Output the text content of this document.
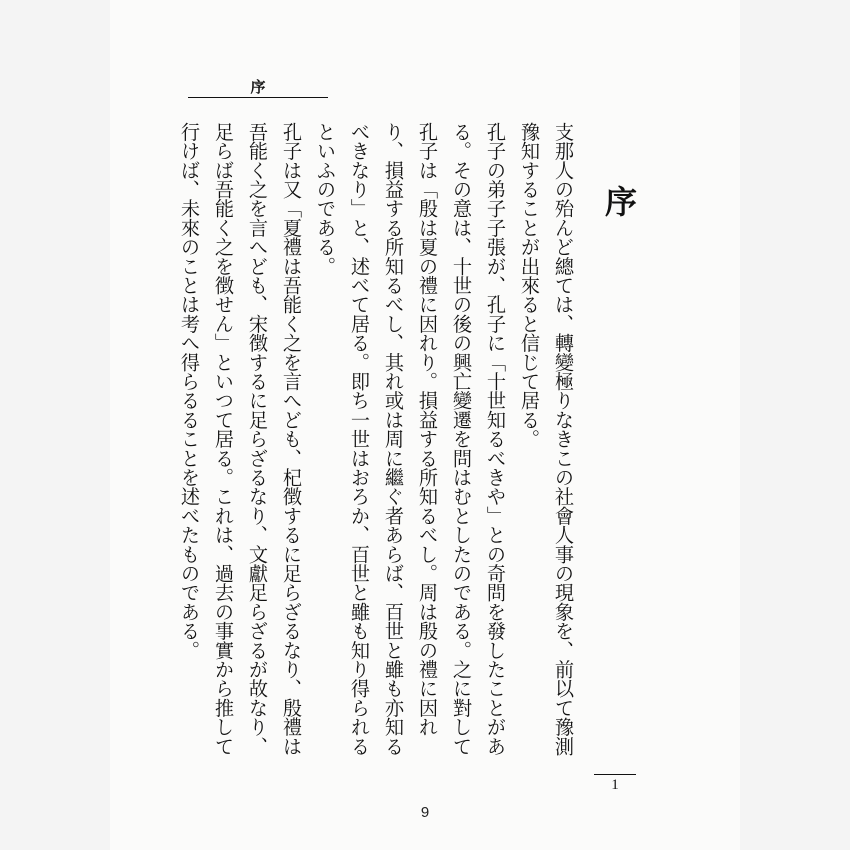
序
序

支那人の殆んど總ては、轉變極りなきこの社會人事の現象を、前以て豫測豫知することが出來ると信じて居る。

孔子の弟子子張が、孔子に「十世知るべきや」との奇問を發したことがある。その意は、十世の後の興亡變遷を問はむとしたのである。之に對して孔子は「殷は夏の禮に因れり。損益する所知るべし。周は殷の禮に因れり、損益する所知るべし、其れ或は周に繼ぐ者あらば、百世と雖も亦知るべきなり」と、述べて居る。即ち一世はおろか、百世と雖も知り得られるといふのである。

孔子は又「夏禮は吾能く之を言へども、杞徴するに足らざるなり、殷禮は吾能く之を言へども、宋徴するに足らざるなり、文獻足らざるが故なり、足らば吾能く之を徴せん」といつて居る。これは、過去の事實から推して行けば、未來のことは考へ得らるることを述べたものである。

1
9
